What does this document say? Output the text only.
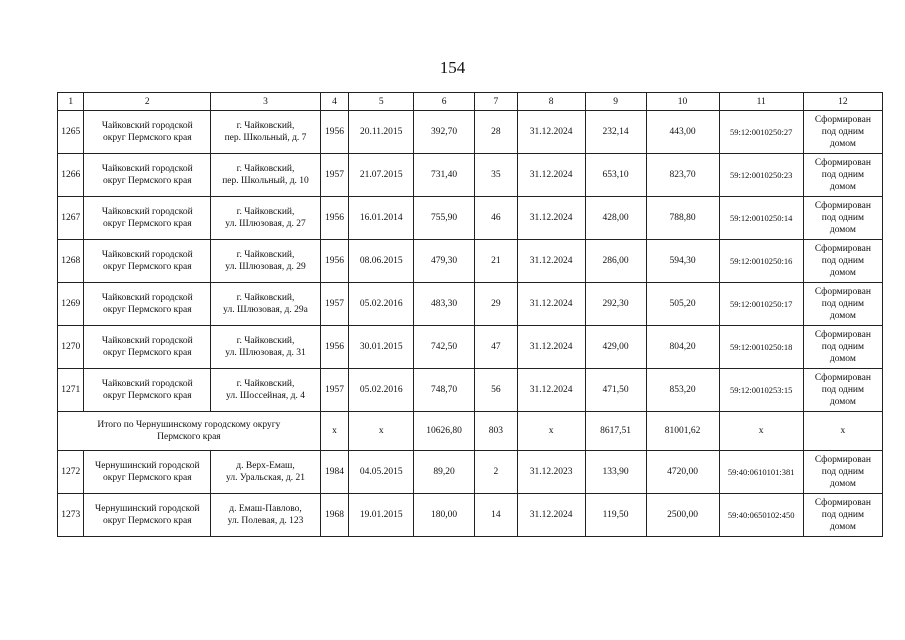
154
1	2	3	4	5	6	7	8	9	10	11	12
1265	Чайковский городской
округ Пермского края	г. Чайковский,
пер. Школьный, д. 7	1956	20.11.2015	392,70	28	31.12.2024	232,14	443,00	59:12:0010250:27	Сформирован
под одним
домом
1266	Чайковский городской
округ Пермского края	г. Чайковский,
пер. Школьный, д. 10	1957	21.07.2015	731,40	35	31.12.2024	653,10	823,70	59:12:0010250:23	Сформирован
под одним
домом
1267	Чайковский городской
округ Пермского края	г. Чайковский,
ул. Шлюзовая, д. 27	1956	16.01.2014	755,90	46	31.12.2024	428,00	788,80	59:12:0010250:14	Сформирован
под одним
домом
1268	Чайковский городской
округ Пермского края	г. Чайковский,
ул. Шлюзовая, д. 29	1956	08.06.2015	479,30	21	31.12.2024	286,00	594,30	59:12:0010250:16	Сформирован
под одним
домом
1269	Чайковский городской
округ Пермского края	г. Чайковский,
ул. Шлюзовая, д. 29а	1957	05.02.2016	483,30	29	31.12.2024	292,30	505,20	59:12:0010250:17	Сформирован
под одним
домом
1270	Чайковский городской
округ Пермского края	г. Чайковский,
ул. Шлюзовая, д. 31	1956	30.01.2015	742,50	47	31.12.2024	429,00	804,20	59:12:0010250:18	Сформирован
под одним
домом
1271	Чайковский городской
округ Пермского края	г. Чайковский,
ул. Шоссейная, д. 4	1957	05.02.2016	748,70	56	31.12.2024	471,50	853,20	59:12:0010253:15	Сформирован
под одним
домом
Итого по Чернушинскому городскому округу
Пермского края			х	х	10626,80	803	х	8617,51	81001,62	х	х
1272	Чернушинский городской
округ Пермского края	д. Верх-Емаш,
ул. Уральская, д. 21	1984	04.05.2015	89,20	2	31.12.2023	133,90	4720,00	59:40:0610101:381	Сформирован
под одним
домом
1273	Чернушинский городской
округ Пермского края	д. Емаш-Павлово,
ул. Полевая, д. 123	1968	19.01.2015	180,00	14	31.12.2024	119,50	2500,00	59:40:0650102:450	Сформирован
под одним
домом
